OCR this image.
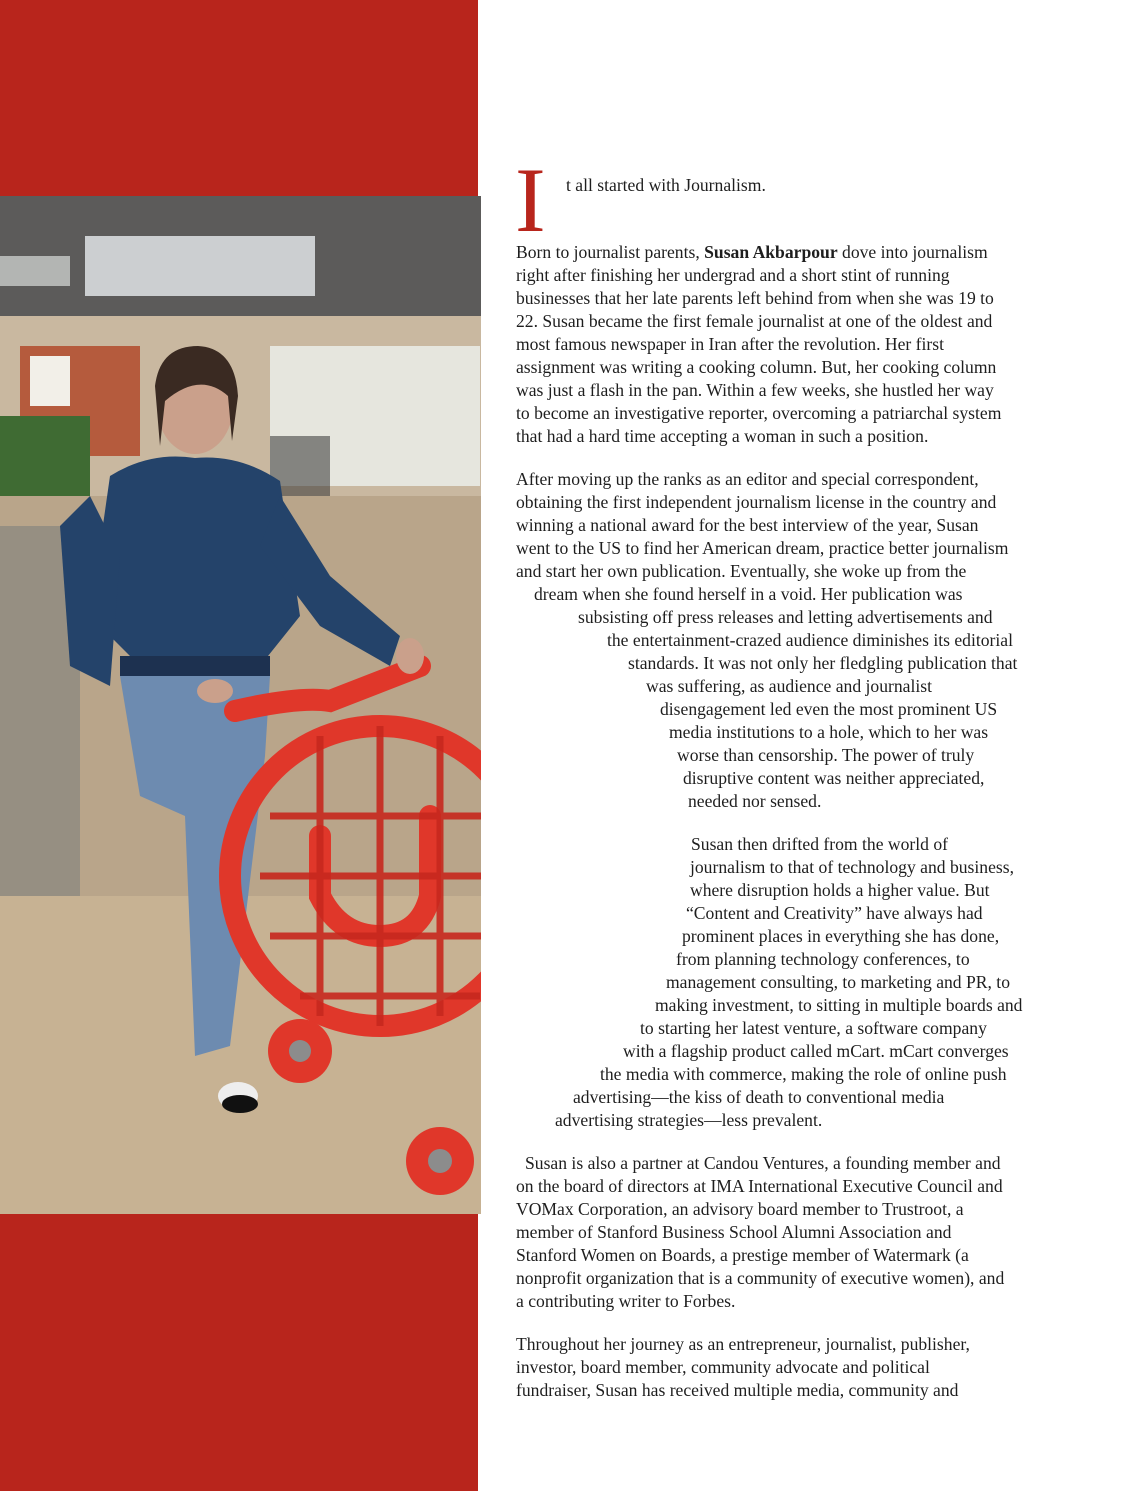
I t all started with Journalism.
Born to journalist parents, Susan Akbarpour dove into journalism
right after finishing her undergrad and a short stint of running
businesses that her late parents left behind from when she was 19 to
22. Susan became the first female journalist at one of the oldest and
most famous newspaper in Iran after the revolution. Her first
assignment was writing a cooking column. But, her cooking column
was just a flash in the pan. Within a few weeks, she hustled her way
to become an investigative reporter, overcoming a patriarchal system
that had a hard time accepting a woman in such a position.
After moving up the ranks as an editor and special correspondent,
obtaining the first independent journalism license in the country and
winning a national award for the best interview of the year, Susan
went to the US to find her American dream, practice better journalism
and start her own publication. Eventually, she woke up from the
dream when she found herself in a void. Her publication was
subsisting off press releases and letting advertisements and
the entertainment-crazed audience diminishes its editorial
standards. It was not only her fledgling publication that
was suffering, as audience and journalist
disengagement led even the most prominent US
media institutions to a hole, which to her was
worse than censorship. The power of truly
disruptive content was neither appreciated,
needed nor sensed.
Susan then drifted from the world of
journalism to that of technology and business,
where disruption holds a higher value. But
“Content and Creativity” have always had
prominent places in everything she has done,
from planning technology conferences, to
management consulting, to marketing and PR, to
making investment, to sitting in multiple boards and
to starting her latest venture, a software company
with a flagship product called mCart. mCart converges
the media with commerce, making the role of online push
advertising—the kiss of death to conventional media
advertising strategies—less prevalent.
Susan is also a partner at Candou Ventures, a founding member and
on the board of directors at IMA International Executive Council and
VOMax Corporation, an advisory board member to Trustroot, a
member of Stanford Business School Alumni Association and
Stanford Women on Boards, a prestige member of Watermark (a
nonprofit organization that is a community of executive women), and
a contributing writer to Forbes.
Throughout her journey as an entrepreneur, journalist, publisher,
investor, board member, community advocate and political
fundraiser, Susan has received multiple media, community and
